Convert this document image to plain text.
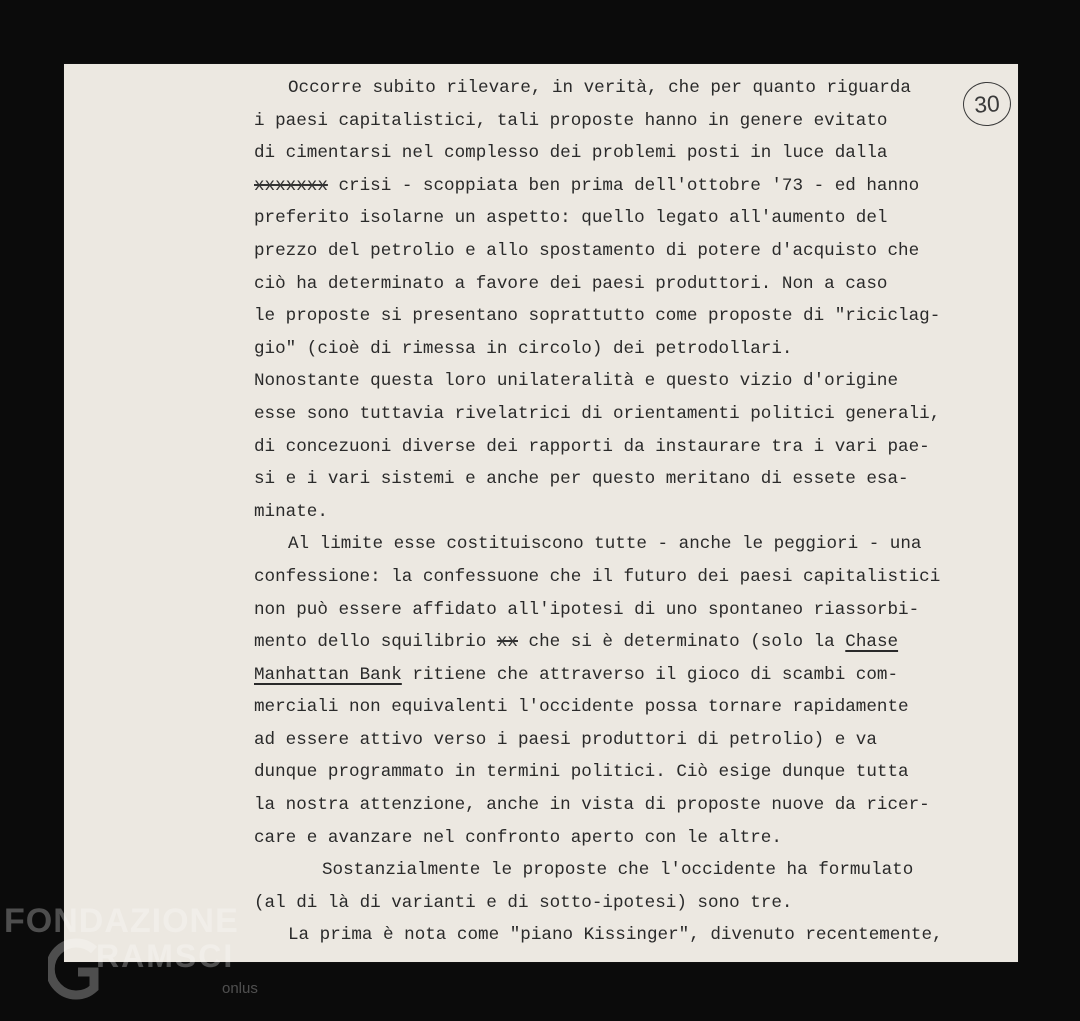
30
Occorre subito rilevare, in verità, che per quanto riguarda
i paesi capitalistici, tali proposte hanno in genere evitato
di cimentarsi nel complesso dei problemi posti in luce dalla
xxxxxxx crisi - scoppiata ben prima dell'ottobre '73 - ed hanno
preferito isolarne un aspetto: quello legato all'aumento del
prezzo del petrolio e allo spostamento di potere d'acquisto che
ciò ha determinato a favore dei paesi produttori. Non a caso
le proposte si presentano soprattutto come proposte di "riciclag-
gio" (cioè di rimessa in circolo) dei petrodollari.
Nonostante questa loro unilateralità e questo vizio d'origine
esse sono tuttavia rivelatrici di orientamenti politici generali,
di concezuoni diverse dei rapporti da instaurare tra i vari pae-
si e i vari sistemi e anche per questo meritano di essete esa-
minate.
Al limite esse costituiscono tutte - anche le peggiori - una
confessione: la confessuone che il futuro dei paesi capitalistici
non può essere affidato all'ipotesi di uno spontaneo riassorbi-
mento dello squilibrio xx che si è determinato (solo la Chase
Manhattan Bank ritiene che attraverso il gioco di scambi com-
merciali non equivalenti l'occidente possa tornare rapidamente
ad essere attivo verso i paesi produttori di petrolio) e va
dunque programmato in termini politici. Ciò esige dunque tutta
la nostra attenzione, anche in vista di proposte nuove da ricer-
care e avanzare nel confronto aperto con le altre.
Sostanzialmente le proposte che l'occidente ha formulato
(al di là di varianti e di sotto-ipotesi) sono tre.
La prima è nota come "piano Kissinger", divenuto recentemente,
FONDAZIONE
RAMSCI
onlus
